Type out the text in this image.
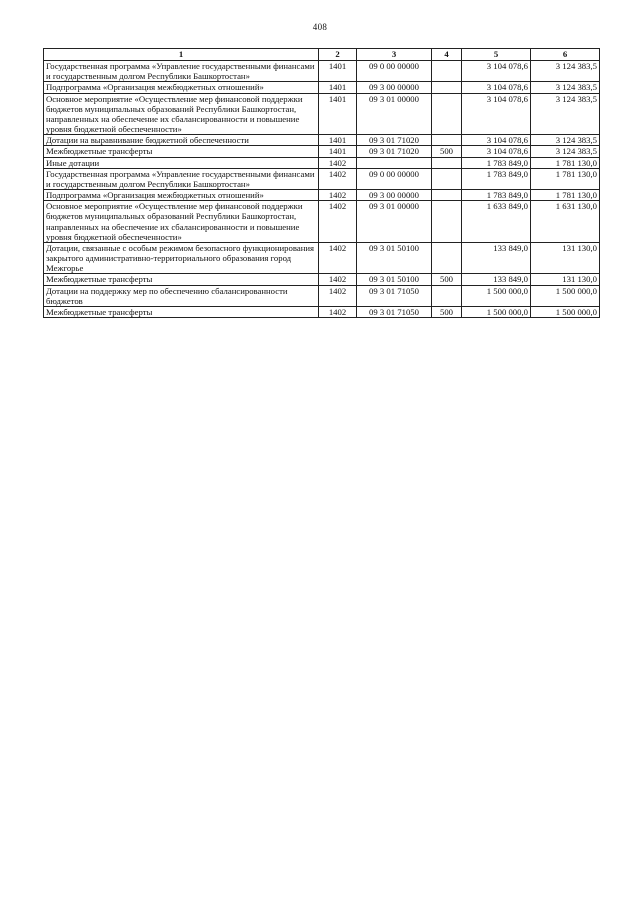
408
1	2	3	4	5	6
Государственная программа «Управление государственными финансами и государственным долгом Республики Башкортостан»	1401	09 0 00 00000		3 104 078,6	3 124 383,5
Подпрограмма «Организация межбюджетных отношений»	1401	09 3 00 00000		3 104 078,6	3 124 383,5
Основное мероприятие «Осуществление мер финансовой поддержки бюджетов муниципальных образований Республики Башкортостан, направленных на обеспечение их сбалансированности и повышение уровня бюджетной обеспеченности»	1401	09 3 01 00000		3 104 078,6	3 124 383,5
Дотации на выравнивание бюджетной обеспеченности	1401	09 3 01 71020		3 104 078,6	3 124 383,5
Межбюджетные трансферты	1401	09 3 01 71020	500	3 104 078,6	3 124 383,5
Иные дотации	1402			1 783 849,0	1 781 130,0
Государственная программа «Управление государственными финансами и государственным долгом Республики Башкортостан»	1402	09 0 00 00000		1 783 849,0	1 781 130,0
Подпрограмма «Организация межбюджетных отношений»	1402	09 3 00 00000		1 783 849,0	1 781 130,0
Основное мероприятие «Осуществление мер финансовой поддержки бюджетов муниципальных образований Республики Башкортостан, направленных на обеспечение их сбалансированности и повышение уровня бюджетной обеспеченности»	1402	09 3 01 00000		1 633 849,0	1 631 130,0
Дотации, связанные с особым режимом безопасного функционирования закрытого административно-территориального образования город Межгорье	1402	09 3 01 50100		133 849,0	131 130,0
Межбюджетные трансферты	1402	09 3 01 50100	500	133 849,0	131 130,0
Дотации на поддержку мер по обеспечению сбалансированности бюджетов	1402	09 3 01 71050		1 500 000,0	1 500 000,0
Межбюджетные трансферты	1402	09 3 01 71050	500	1 500 000,0	1 500 000,0
